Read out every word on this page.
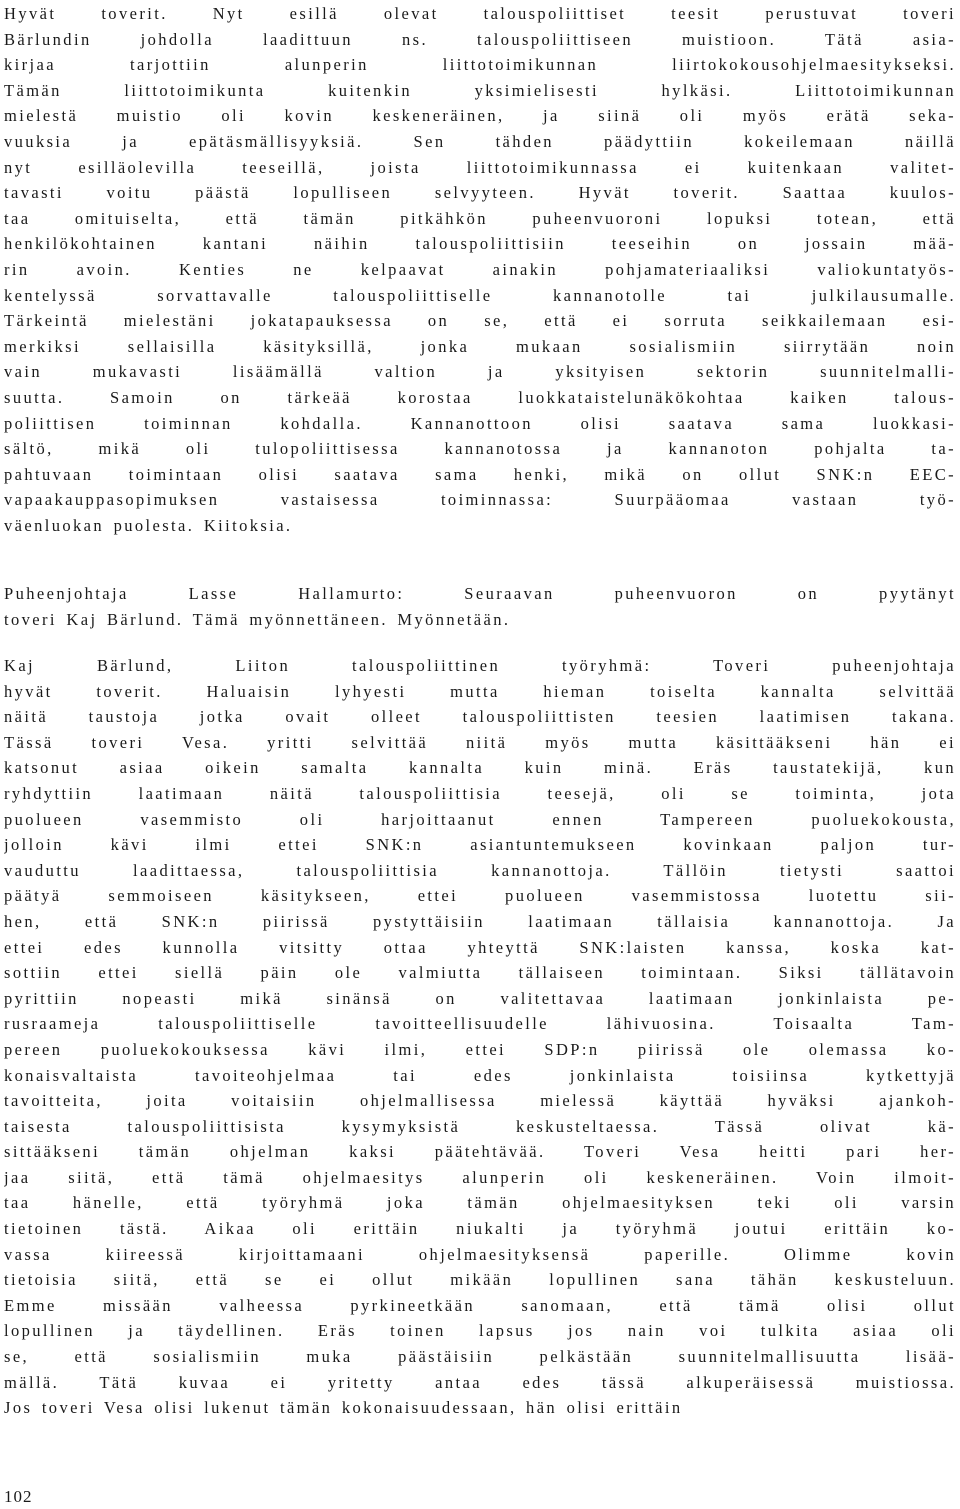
Hyvät toverit. Nyt esillä olevat talouspoliittiset teesit perustuvat toveri
Bärlundin johdolla laadittuun ns. talouspoliittiseen muistioon. Tätä asia-
kirjaa tarjottiin alunperin liittotoimikunnan liirtokokousohjelmaesitykseksi.
Tämän liittotoimikunta kuitenkin yksimielisesti hylkäsi. Liittotoimikunnan
mielestä muistio oli kovin keskeneräinen, ja siinä oli myös erätä seka-
vuuksia ja epätäsmällisyyksiä. Sen tähden päädyttiin kokeilemaan näillä
nyt esilläolevilla teeseillä, joista liittotoimikunnassa ei kuitenkaan valitet-
tavasti voitu päästä lopulliseen selvyyteen. Hyvät toverit. Saattaa kuulos-
taa omituiselta, että tämän pitkähkön puheenvuoroni lopuksi totean, että
henkilökohtainen kantani näihin talouspoliittisiin teeseihin on jossain mää-
rin avoin. Kenties ne kelpaavat ainakin pohjamateriaaliksi valiokuntatyös-
kentelyssä sorvattavalle talouspoliittiselle kannanotolle tai julkilausumalle.
Tärkeintä mielestäni jokatapauksessa on se, että ei sorruta seikkailemaan esi-
merkiksi sellaisilla käsityksillä, jonka mukaan sosialismiin siirrytään noin
vain mukavasti lisäämällä valtion ja yksityisen sektorin suunnitelmalli-
suutta. Samoin on tärkeää korostaa luokkataistelunäkökohtaa kaiken talous-
poliittisen toiminnan kohdalla. Kannanottoon olisi saatava sama luokkasi-
sältö, mikä oli tulopoliittisessa kannanotossa ja kannanoton pohjalta ta-
pahtuvaan toimintaan olisi saatava sama henki, mikä on ollut SNK:n EEC-
vapaakauppasopimuksen vastaisessa toiminnassa: Suurpääomaa vastaan työ-
väenluokan puolesta. Kiitoksia.
Puheenjohtaja Lasse Hallamurto: Seuraavan puheenvuoron on pyytänyt
toveri Kaj Bärlund. Tämä myönnettäneen. Myönnetään.
Kaj Bärlund, Liiton talouspoliittinen työryhmä: Toveri puheenjohtaja
hyvät toverit. Haluaisin lyhyesti mutta hieman toiselta kannalta selvittää
näitä taustoja jotka ovait olleet talouspoliittisten teesien laatimisen takana.
Tässä toveri Vesa. yritti selvittää niitä myös mutta käsittääkseni hän ei
katsonut asiaa oikein samalta kannalta kuin minä. Eräs taustatekijä, kun
ryhdyttiin laatimaan näitä talouspoliittisia teesejä, oli se toiminta, jota
puolueen vasemmisto oli harjoittaanut ennen Tampereen puoluekokousta,
jolloin kävi ilmi ettei SNK:n asiantuntemukseen kovinkaan paljon tur-
vauduttu laadittaessa, talouspoliittisia kannanottoja. Tällöin tietysti saattoi
päätyä semmoiseen käsitykseen, ettei puolueen vasemmistossa luotettu sii-
hen, että SNK:n piirissä pystyttäisiin laatimaan tällaisia kannanottoja. Ja
ettei edes kunnolla vitsitty ottaa yhteyttä SNK:laisten kanssa, koska kat-
sottiin ettei siellä päin ole valmiutta tällaiseen toimintaan. Siksi tällätavoin
pyrittiin nopeasti mikä sinänsä on valitettavaa laatimaan jonkinlaista pe-
rusraameja talouspoliittiselle tavoitteellisuudelle lähivuosina. Toisaalta Tam-
pereen puoluekokouksessa kävi ilmi, ettei SDP:n piirissä ole olemassa ko-
konaisvaltaista tavoiteohjelmaa tai edes jonkinlaista toisiinsa kytkettyjä
tavoitteita, joita voitaisiin ohjelmallisessa mielessä käyttää hyväksi ajankoh-
taisesta talouspoliittisista kysymyksistä keskusteltaessa. Tässä olivat kä-
sittääkseni tämän ohjelman kaksi päätehtävää. Toveri Vesa heitti pari her-
jaa siitä, että tämä ohjelmaesitys alunperin oli keskeneräinen. Voin ilmoit-
taa hänelle, että työryhmä joka tämän ohjelmaesityksen teki oli varsin
tietoinen tästä. Aikaa oli erittäin niukalti ja työryhmä joutui erittäin ko-
vassa kiireessä kirjoittamaani ohjelmaesityksensä paperille. Olimme kovin
tietoisia siitä, että se ei ollut mikään lopullinen sana tähän keskusteluun.
Emme missään valheessa pyrkineetkään sanomaan, että tämä olisi ollut
lopullinen ja täydellinen. Eräs toinen lapsus jos nain voi tulkita asiaa oli
se, että sosialismiin muka päästäisiin pelkästään suunnitelmallisuutta lisää-
mällä. Tätä kuvaa ei yritetty antaa edes tässä alkuperäisessä muistiossa.
Jos toveri Vesa olisi lukenut tämän kokonaisuudessaan, hän olisi erittäin
102
